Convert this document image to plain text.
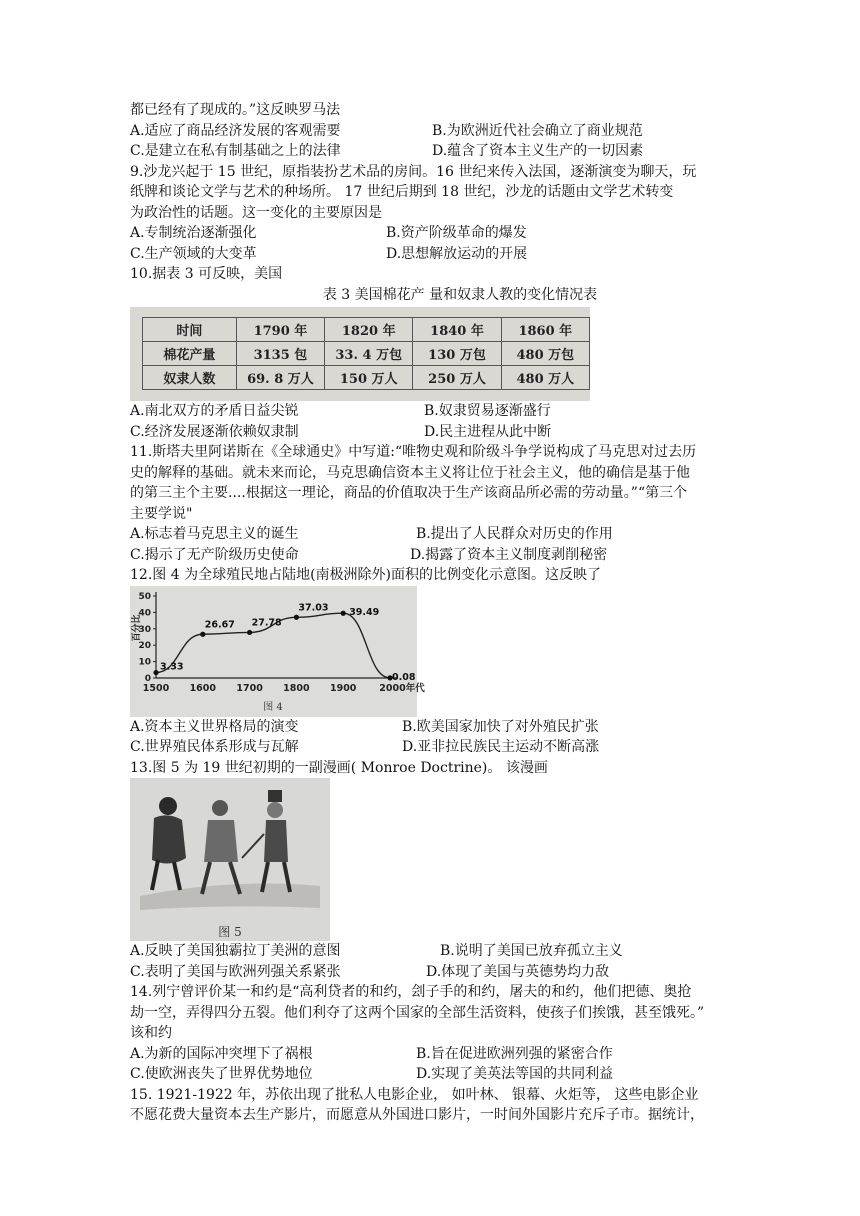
都已经有了现成的。”这反映罗马法
A.适应了商品经济发展的客观需要	B.为欧洲近代社会确立了商业规范
C.是建立在私有制基础之上的法律	D.蕴含了资本主义生产的一切因素
9.沙龙兴起于 15 世纪，原指装扮艺术品的房间。16 世纪来传入法国，逐渐演变为聊天，玩
纸牌和谈论文学与艺术的种场所。 17 世纪后期到 18 世纪，沙龙的话题由文学艺术转变
为政治性的话题。这一变化的主要原因是
A.专制统治逐渐强化	B.资产阶级革命的爆发
C.生产领域的大变革	D.思想解放运动的开展
10.据表 3 可反映，美国
表 3 美国棉花产 量和奴隶人教的变化情况表
时间	1790 年	1820 年	1840 年	1860 年
棉花产量	3135 包	33. 4 万包	130 万包	480 万包
奴隶人数	69. 8 万人	150 万人	250 万人	480 万人
A.南北双方的矛盾日益尖锐	B.奴隶贸易逐渐盛行
C.经济发展逐渐依赖奴隶制	D.民主进程从此中断
11.斯塔夫里阿诺斯在《全球通史》中写道:“唯物史观和阶级斗争学说构成了马克思对过去历
史的解释的基础。就未来而论，马克思确信资本主义将让位于社会主义，他的确信是基于他
的第三主个主要....根据这一理论，商品的价值取决于生产该商品所必需的劳动量。”“第三个
主要学说"
A.标志着马克思主义的诞生	B.提出了人民群众对历史的作用
C.揭示了无产阶级历史使命	D.揭露了资本主义制度剥削秘密
12.图 4 为全球殖民地占陆地(南极洲除外)面积的比例变化示意图。这反映了
0
10
20
30
40
50
百分比
1500 1600 1700 1800 1900 2000年代
3.33
26.67 27.78
37.03 39.49
0.08
图 4
A.资本主义世界格局的演变	B.欧美国家加快了对外殖民扩张
C.世界殖民体系形成与瓦解	D.亚非拉民族民主运动不断高涨
13.图 5 为 19 世纪初期的一副漫画( Monroe Doctrine)。 该漫画
图 5
A.反映了美国独霸拉丁美洲的意图	B.说明了美国已放弃孤立主义
C.表明了美国与欧洲列强关系紧张	D.体现了美国与英德势均力敌
14.列宁曾评价某一和约是“高利贷者的和约，刽子手的和约，屠夫的和约，他们把德、奥抢
劫一空，弄得四分五裂。他们利夺了这两个国家的全部生活资料，使孩子们挨饿，甚至饿死。”
该和约
A.为新的国际冲突埋下了祸根	B.旨在促进欧洲列强的紧密合作
C.使欧洲丧失了世界优势地位	D.实现了美英法等国的共同利益
15. 1921-1922 年，苏依出现了批私人电影企业， 如叶林、 银幕、火炬等， 这些电影企业
不愿花费大量资本去生产影片，而愿意从外国进口影片，一时间外国影片充斥子市。据统计，
